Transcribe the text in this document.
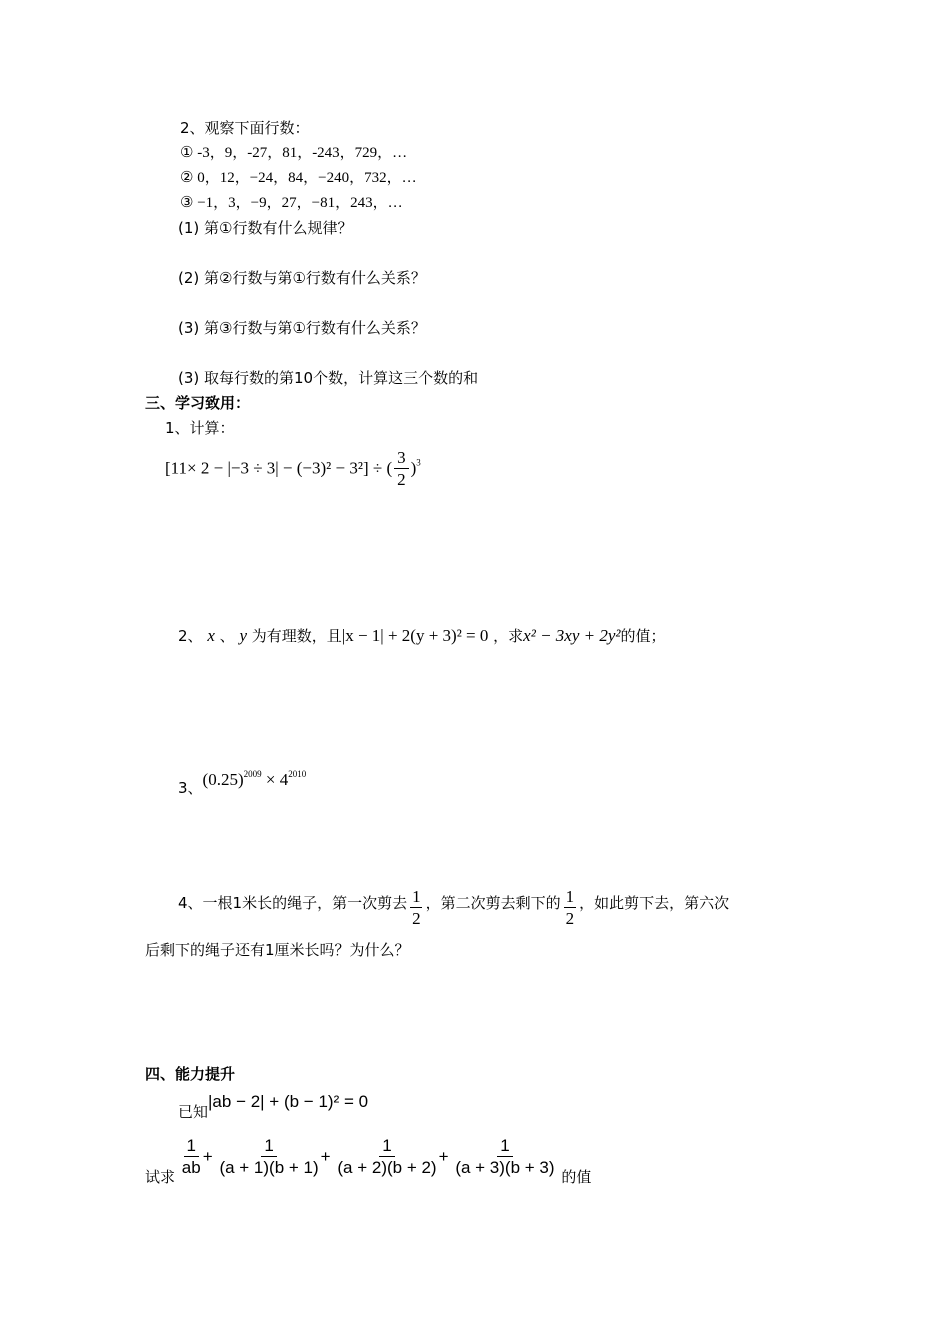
2、观察下面行数：
① -3，9，-27，81，-243，729，…
② 0，12，−24，84，−240，732，…
③ −1，3，−9，27，−81，243，…
(1) 第①行数有什么规律？
(2) 第②行数与第①行数有什么关系？
(3) 第③行数与第①行数有什么关系？
(3) 取每行数的第10个数，计算这三个数的和
三、学习致用：
1、计算：
[11× 2 − |−3 ÷ 3| − (−3)² − 3²] ÷ ( $\frac{3}{2} )^3$
2、 x 、 y 为有理数，且|x − 1| + 2(y + 3)² = 0 ，求x² − 3xy + 2y²的值；
3、$(0.25)^{2009} \times 4^{2010}$
4、一根1米长的绳子，第一次剪去 $\frac{1}{2}$ ，第二次剪去剩下的 $\frac{1}{2}$ ，如此剪下去，第六次
后剩下的绳子还有1厘米长吗？为什么？
四、能力提升
已知|ab − 2| + (b − 1)² = 0
试求 $\frac{1}{ab} + \frac{1}{(a + 1)(b + 1)} + \frac{1}{(a + 2)(b + 2)} + \frac{1}{(a + 3)(b + 3)}$ 的值
